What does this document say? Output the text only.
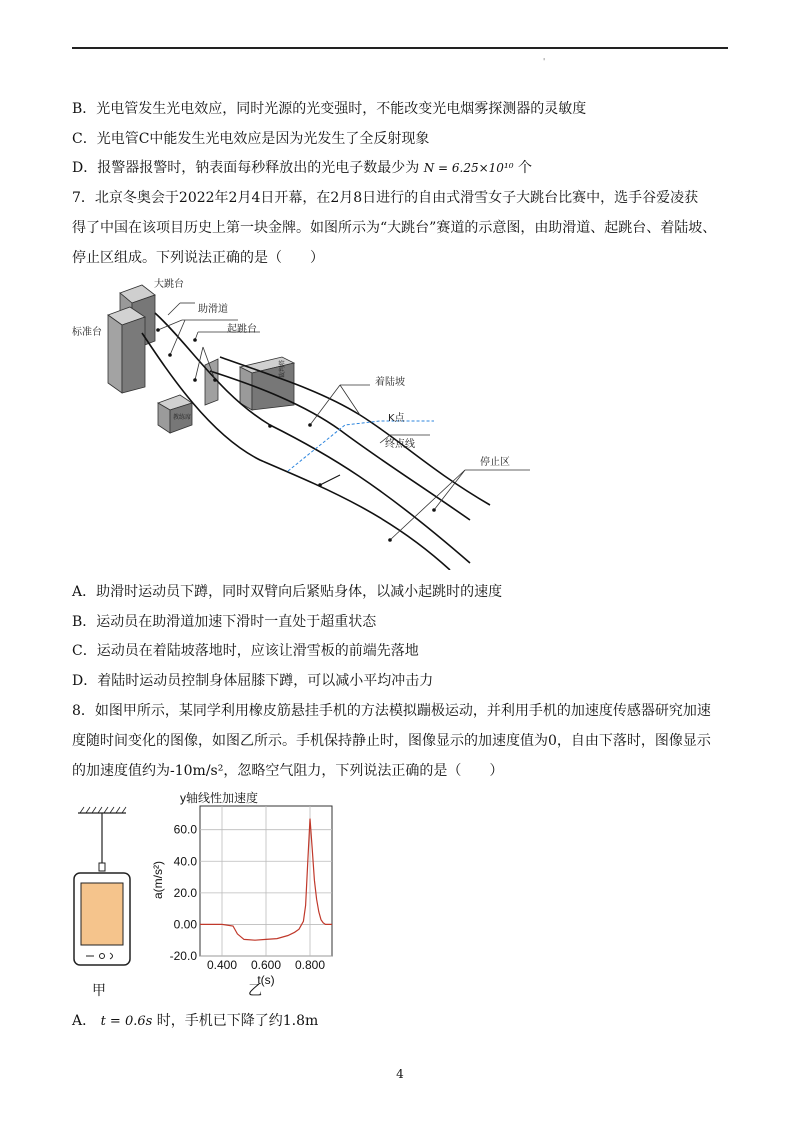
'
B．光电管发生光电效应，同时光源的光变强时，不能改变光电烟雾探测器的灵敏度
C．光电管C中能发生光电效应是因为光发生了全反射现象
D．报警器报警时，钠表面每秒释放出的光电子数最少为 N = 6.25×10¹⁰ 个
7．北京冬奥会于2022年2月4日开幕，在2月8日进行的自由式滑雪女子大跳台比赛中，选手谷爱凌获
得了中国在该项目历史上第一块金牌。如图所示为“大跳台”赛道的示意图，由助滑道、起跳台、着陆坡、
停止区组成。下列说法正确的是（　　）
大跳台
标准台
助滑道
起跳台
着陆坡
K点
终点线
停止区
裁判塔
教练席
A．助滑时运动员下蹲，同时双臂向后紧贴身体，以减小起跳时的速度
B．运动员在助滑道加速下滑时一直处于超重状态
C．运动员在着陆坡落地时，应该让滑雪板的前端先落地
D．着陆时运动员控制身体屈膝下蹲，可以减小平均冲击力
8．如图甲所示，某同学利用橡皮筋悬挂手机的方法模拟蹦极运动，并利用手机的加速度传感器研究加速
度随时间变化的图像，如图乙所示。手机保持静止时，图像显示的加速度值为0，自由下落时，图像显示
的加速度值约为-10m/s²，忽略空气阻力，下列说法正确的是（　　）
甲
y轴线性加速度
60.0
40.0
20.0
0.00
-20.0
0.400 0.600 0.800
t(s)
a(m/s²)
乙
A． t = 0.6s 时，手机已下降了约1.8m
4
